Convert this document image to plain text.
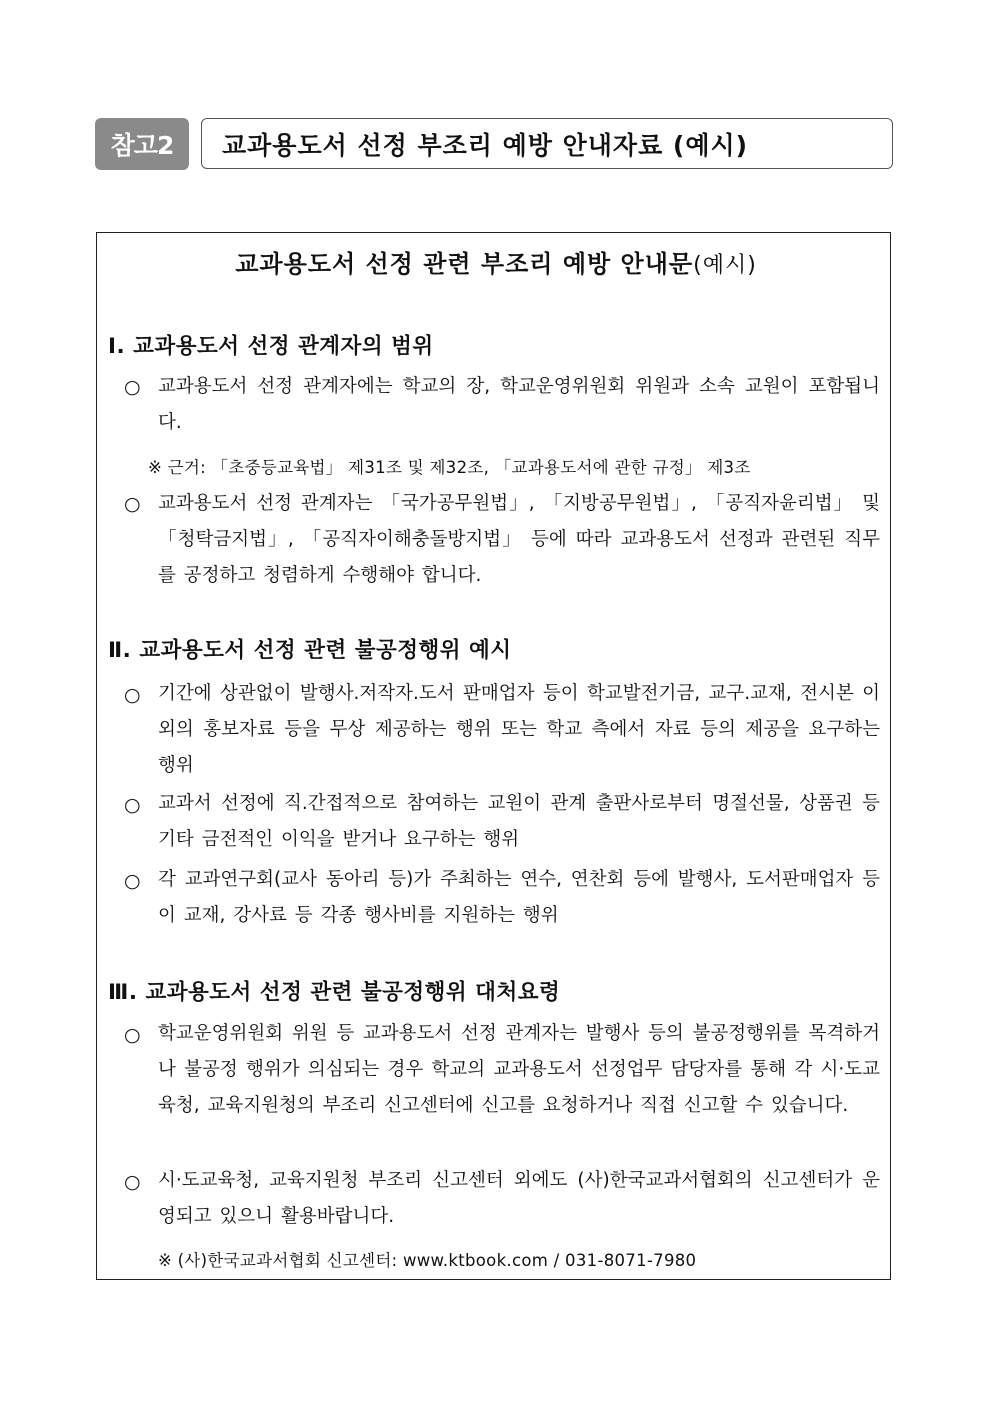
참고2	교과용도서 선정 부조리 예방 안내자료 (예시)
교과용도서 선정 관련 부조리 예방 안내문(예시)
Ⅰ. 교과용도서 선정 관계자의 범위
○ 교과용도서 선정 관계자에는 학교의 장, 학교운영위원회 위원과 소속 교원이 포함됩니다.
※ 근거: 「초중등교육법」 제31조 및 제32조, 「교과용도서에 관한 규정」 제3조
○ 교과용도서 선정 관계자는 「국가공무원법」, 「지방공무원법」, 「공직자윤리법」 및 「청탁금지법」, 「공직자이해충돌방지법」 등에 따라 교과용도서 선정과 관련된 직무를 공정하고 청렴하게 수행해야 합니다.
Ⅱ. 교과용도서 선정 관련 불공정행위 예시
○ 기간에 상관없이 발행사.저작자.도서 판매업자 등이 학교발전기금, 교구.교재, 전시본 이외의 홍보자료 등을 무상 제공하는 행위 또는 학교 측에서 자료 등의 제공을 요구하는 행위
○ 교과서 선정에 직.간접적으로 참여하는 교원이 관계 출판사로부터 명절선물, 상품권 등 기타 금전적인 이익을 받거나 요구하는 행위
○ 각 교과연구회(교사 동아리 등)가 주최하는 연수, 연찬회 등에 발행사, 도서판매업자 등이 교재, 강사료 등 각종 행사비를 지원하는 행위
Ⅲ. 교과용도서 선정 관련 불공정행위 대처요령
○ 학교운영위원회 위원 등 교과용도서 선정 관계자는 발행사 등의 불공정행위를 목격하거나 불공정 행위가 의심되는 경우 학교의 교과용도서 선정업무 담당자를 통해 각 시·도교육청, 교육지원청의 부조리 신고센터에 신고를 요청하거나 직접 신고할 수 있습니다.
○ 시·도교육청, 교육지원청 부조리 신고센터 외에도 (사)한국교과서협회의 신고센터가 운영되고 있으니 활용바랍니다.
※ (사)한국교과서협회 신고센터: www.ktbook.com / 031-8071-7980
